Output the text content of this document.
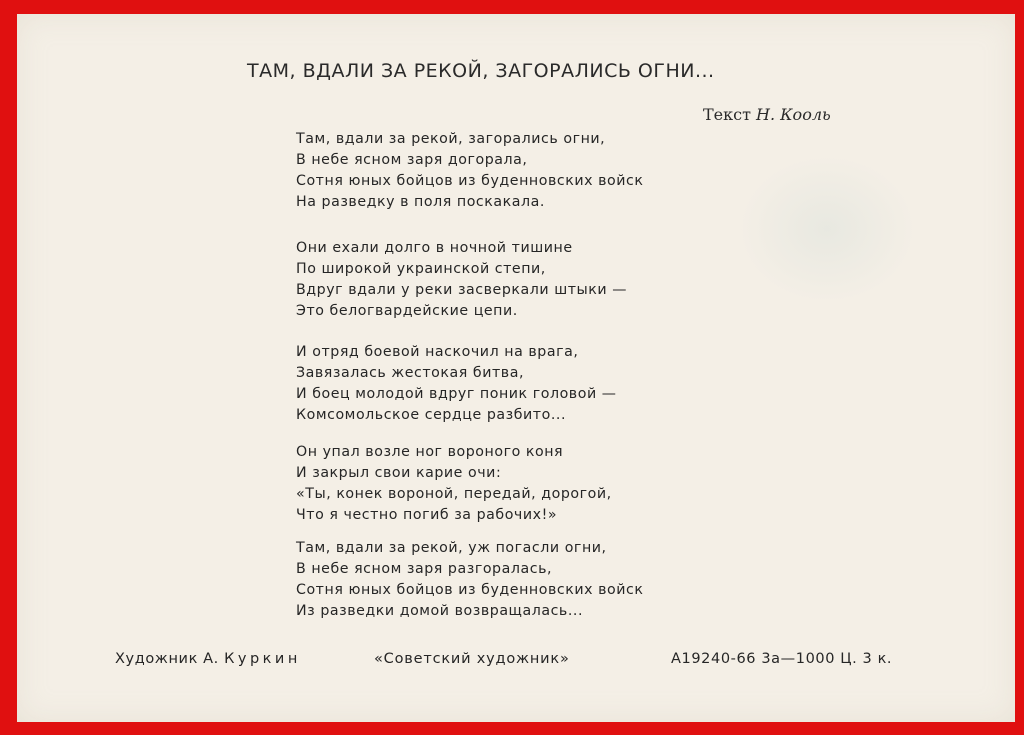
ТАМ, ВДАЛИ ЗА РЕКОЙ, ЗАГОРАЛИСЬ ОГНИ...
Текст Н. Кооль
Там, вдали за рекой, загорались огни,
В небе ясном заря догорала,
Сотня юных бойцов из буденновских войск
На разведку в поля поскакала.
Они ехали долго в ночной тишине
По широкой украинской степи,
Вдруг вдали у реки засверкали штыки —
Это белогвардейские цепи.
И отряд боевой наскочил на врага,
Завязалась жестокая битва,
И боец молодой вдруг поник головой —
Комсомольское сердце разбито...
Он упал возле ног вороного коня
И закрыл свои карие очи:
«Ты, конек вороной, передай, дорогой,
Что я честно погиб за рабочих!»
Там, вдали за рекой, уж погасли огни,
В небе ясном заря разгоралась,
Сотня юных бойцов из буденновских войск
Из разведки домой возвращалась...
Художник А. Куркин	«Советский художник»	А19240-66 3а—1000 Ц. 3 к.
